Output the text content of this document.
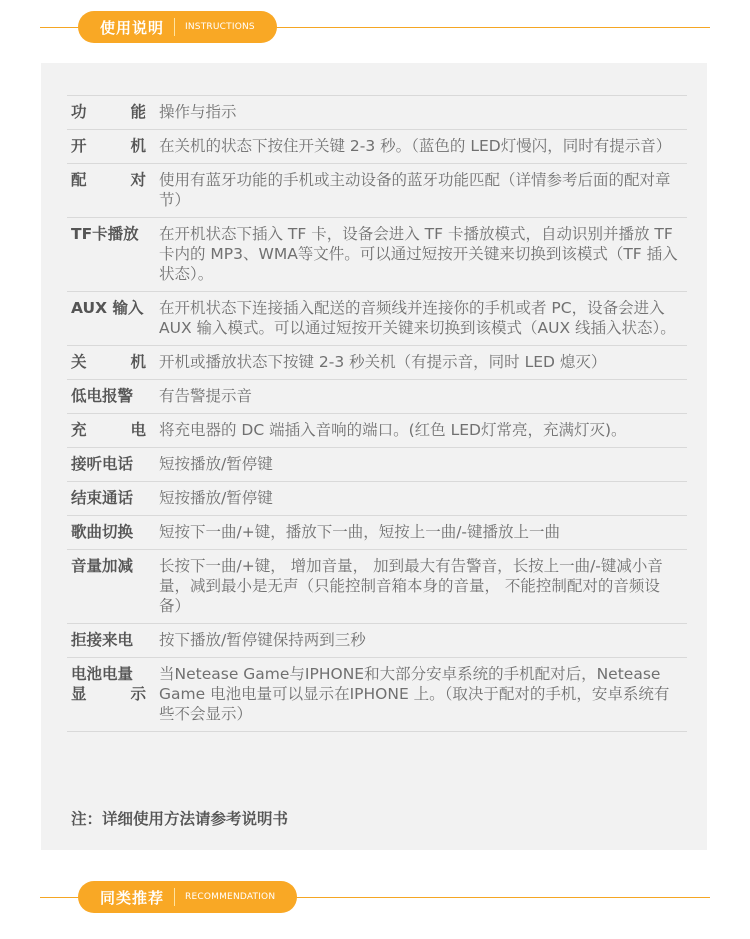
使用说明 INSTRUCTIONS
功 能	操作与指示

开 机	在关机的状态下按住开关键 2-3 秒。（蓝色的 LED灯慢闪，同时有提示音）

配 对	使用有蓝牙功能的手机或主动设备的蓝牙功能匹配（详情参考后面的配对章节）
TF卡播放	在开机状态下插入 TF 卡，设备会进入 TF 卡播放模式，自动识别并播放 TF 卡内的 MP3、WMA等文件。可以通过短按开关键来切换到该模式（TF 插入状态）。
AUX 输入	在开机状态下连接插入配送的音频线并连接你的手机或者 PC，设备会进入 AUX 输入模式。可以通过短按开关键来切换到该模式（AUX 线插入状态）。

关 机	开机或播放状态下按键 2-3 秒关机（有提示音，同时 LED 熄灭）
低电报警	有告警提示音

充 电	将充电器的 DC 端插入音响的端口。(红色 LED灯常亮，充满灯灭)。
接听电话	短按播放/暂停键
结束通话	短按播放/暂停键
歌曲切换	短按下一曲/+键，播放下一曲，短按上一曲/-键播放上一曲
音量加减	长按下一曲/+键， 增加音量， 加到最大有告警音，长按上一曲/-键减小音量，减到最小是无声（只能控制音箱本身的音量， 不能控制配对的音频设备）
拒接来电	按下播放/暂停键保持两到三秒
电池电量

显 示	当Netease Game与IPHONE和大部分安卓系统的手机配对后，Netease Game 电池电量可以显示在IPHONE 上。（取决于配对的手机，安卓系统有些不会显示）
注：详细使用方法请参考说明书
同类推荐 RECOMMENDATION
